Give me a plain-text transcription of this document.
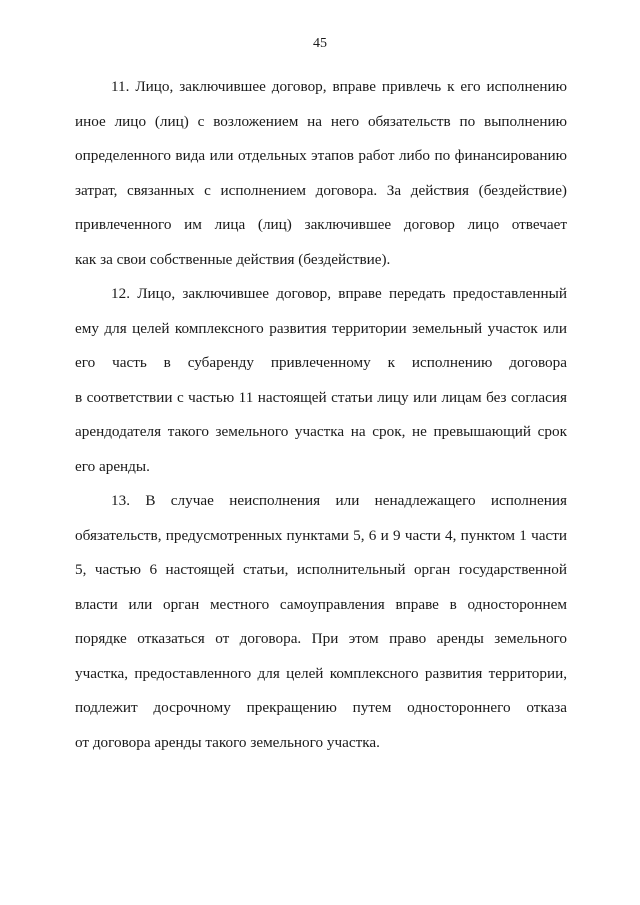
45
11. Лицо, заключившее договор, вправе привлечь к его исполнению
иное лицо (лиц) с возложением на него обязательств по выполнению
определенного вида или отдельных этапов работ либо по финансированию
затрат, связанных с исполнением договора. За действия (бездействие)
привлеченного им лица (лиц) заключившее договор лицо отвечает
как за свои собственные действия (бездействие).
12. Лицо, заключившее договор, вправе передать предоставленный
ему для целей комплексного развития территории земельный участок или
его часть в субаренду привлеченному к исполнению договора
в соответствии с частью 11 настоящей статьи лицу или лицам без согласия
арендодателя такого земельного участка на срок, не превышающий срок
его аренды.
13. В случае неисполнения или ненадлежащего исполнения
обязательств, предусмотренных пунктами 5, 6 и 9 части 4, пунктом 1 части
5, частью 6 настоящей статьи, исполнительный орган государственной
власти или орган местного самоуправления вправе в одностороннем
порядке отказаться от договора. При этом право аренды земельного
участка, предоставленного для целей комплексного развития территории,
подлежит досрочному прекращению путем одностороннего отказа
от договора аренды такого земельного участка.
